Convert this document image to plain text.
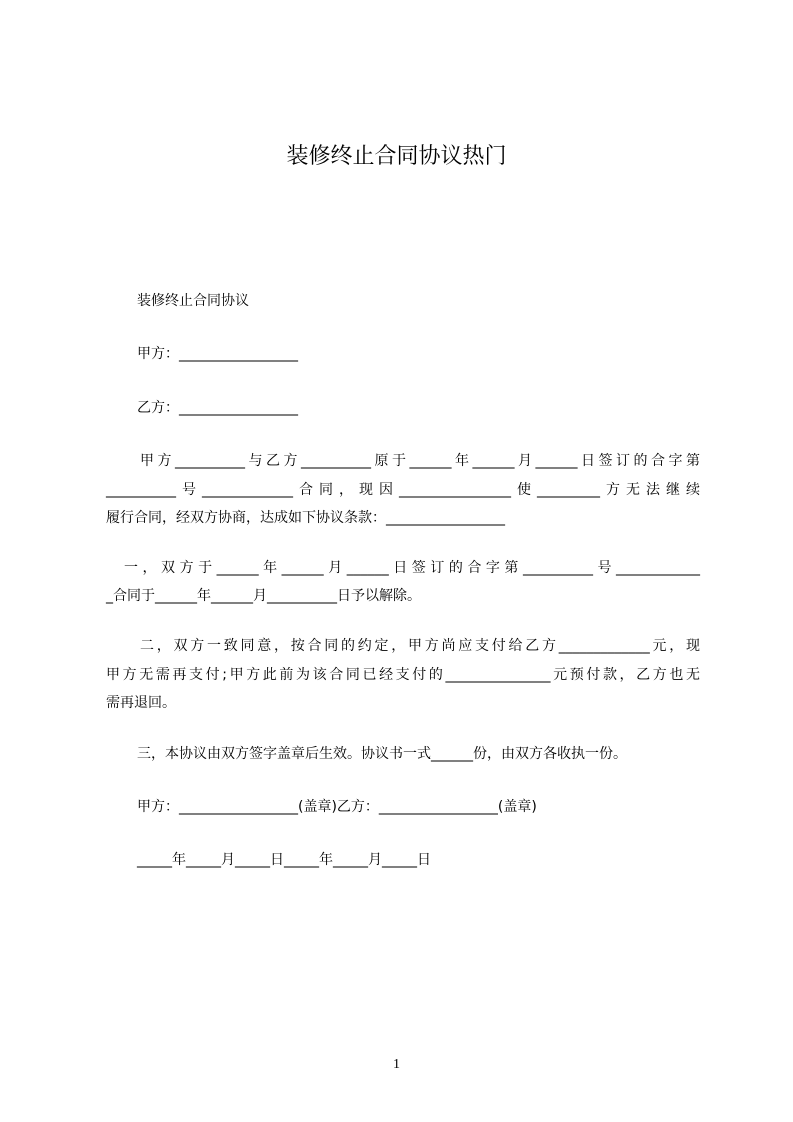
装修终止合同协议热门
装修终止合同协议
甲方：_________________
乙方：_________________
甲方__________与乙方__________原于______年______月______日签订的合字第
__________号_____________合同，现因________________使_________方无法继续
履行合同，经双方协商，达成如下协议条款：_________________
一，双方于______年______月______日签订的合字第__________号____________
_合同于______年______月__________日予以解除。
二，双方一致同意，按合同的约定，甲方尚应支付给乙方_____________元，现
甲方无需再支付;甲方此前为该合同已经支付的_______________元预付款，乙方也无
需再退回。
三，本协议由双方签字盖章后生效。协议书一式______份，由双方各收执一份。
甲方：_________________(盖章)乙方：_________________(盖章)
_____年_____月_____日_____年_____月_____日
1
